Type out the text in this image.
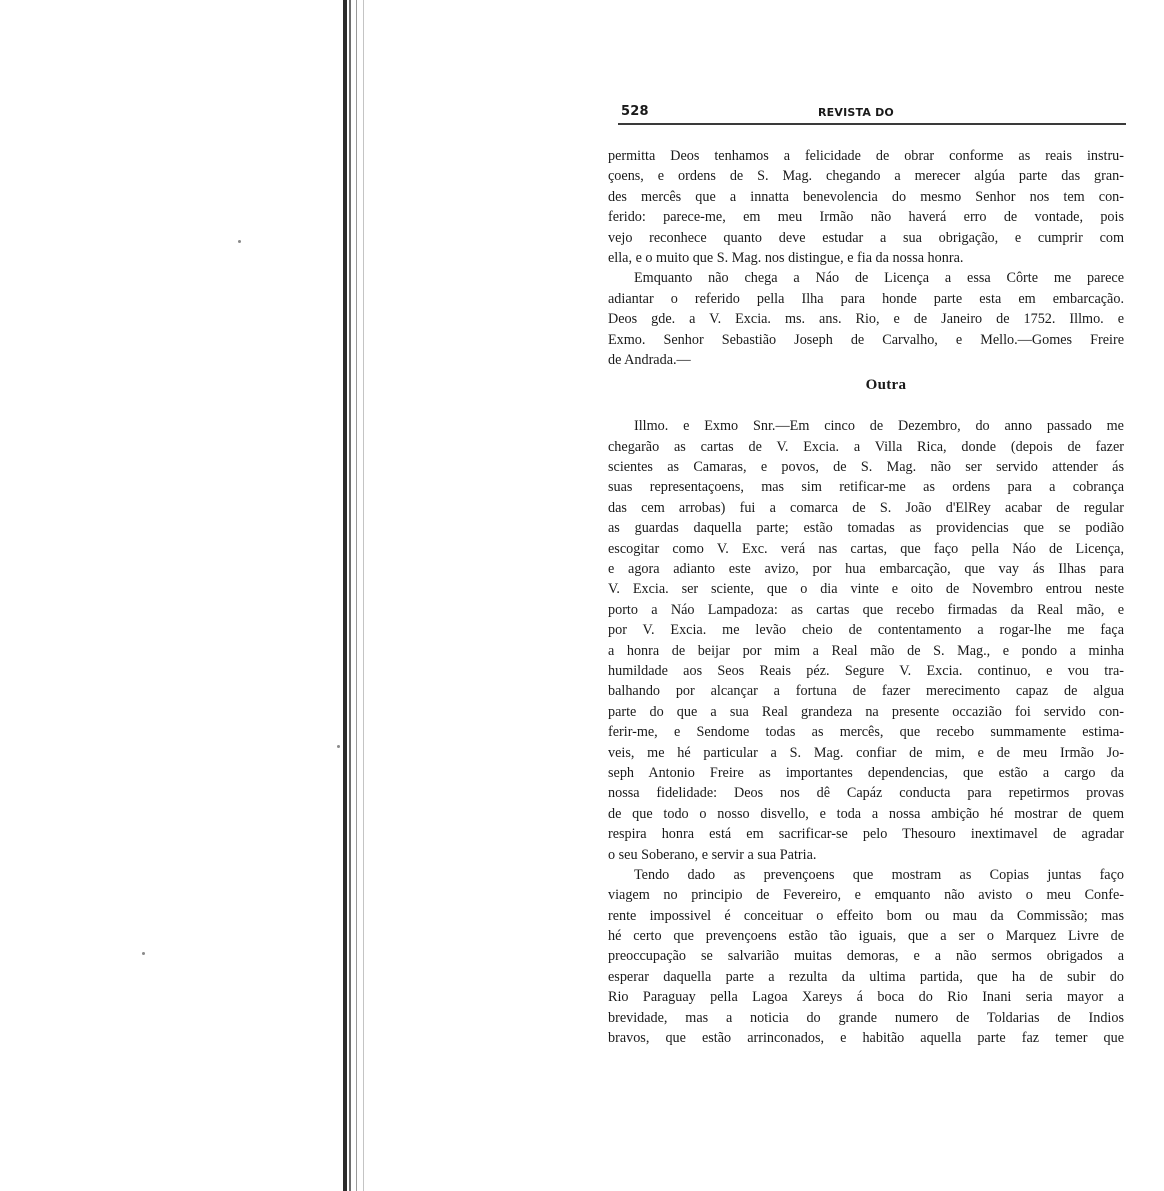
528	REVISTA DO
permitta Deos tenhamos a felicidade de obrar conforme as reais instru-
çoens, e ordens de S. Mag. chegando a merecer algúa parte das gran-
des mercês que a innatta benevolencia do mesmo Senhor nos tem con-
ferido: parece-me, em meu Irmão não haverá erro de vontade, pois
vejo reconhece quanto deve estudar a sua obrigação, e cumprir com
ella, e o muito que S. Mag. nos distingue, e fia da nossa honra.
Emquanto não chega a Náo de Licença a essa Côrte me parece
adiantar o referido pella Ilha para honde parte esta em embarcação.
Deos gde. a V. Excia. ms. ans. Rio, e de Janeiro de 1752. Illmo. e
Exmo. Senhor Sebastião Joseph de Carvalho, e Mello.—Gomes Freire
de Andrada.—
Outra
Illmo. e Exmo Snr.—Em cinco de Dezembro, do anno passado me
chegarão as cartas de V. Excia. a Villa Rica, donde (depois de fazer
scientes as Camaras, e povos, de S. Mag. não ser servido attender ás
suas representaçoens, mas sim retificar-me as ordens para a cobrança
das cem arrobas) fui a comarca de S. João d'ElRey acabar de regular
as guardas daquella parte; estão tomadas as providencias que se podião
escogitar como V. Exc. verá nas cartas, que faço pella Náo de Licença,
e agora adianto este avizo, por hua embarcação, que vay ás Ilhas para
V. Excia. ser sciente, que o dia vinte e oito de Novembro entrou neste
porto a Náo Lampadoza: as cartas que recebo firmadas da Real mão, e
por V. Excia. me levão cheio de contentamento a rogar-lhe me faça
a honra de beijar por mim a Real mão de S. Mag., e pondo a minha
humildade aos Seos Reais péz. Segure V. Excia. continuo, e vou tra-
balhando por alcançar a fortuna de fazer merecimento capaz de algua
parte do que a sua Real grandeza na presente occazião foi servido con-
ferir-me, e Sendome todas as mercês, que recebo summamente estima-
veis, me hé particular a S. Mag. confiar de mim, e de meu Irmão Jo-
seph Antonio Freire as importantes dependencias, que estão a cargo da
nossa fidelidade: Deos nos dê Capáz conducta para repetirmos provas
de que todo o nosso disvello, e toda a nossa ambição hé mostrar de quem
respira honra está em sacrificar-se pelo Thesouro inextimavel de agradar
o seu Soberano, e servir a sua Patria.
Tendo dado as prevençoens que mostram as Copias juntas faço
viagem no principio de Fevereiro, e emquanto não avisto o meu Confe-
rente impossivel é conceituar o effeito bom ou mau da Commissão; mas
hé certo que prevençoens estão tão iguais, que a ser o Marquez Livre de
preoccupação se salvarião muitas demoras, e a não sermos obrigados a
esperar daquella parte a rezulta da ultima partida, que ha de subir do
Rio Paraguay pella Lagoa Xareys á boca do Rio Inani seria mayor a
brevidade, mas a noticia do grande numero de Toldarias de Indios
bravos, que estão arrinconados, e habitão aquella parte faz temer que
